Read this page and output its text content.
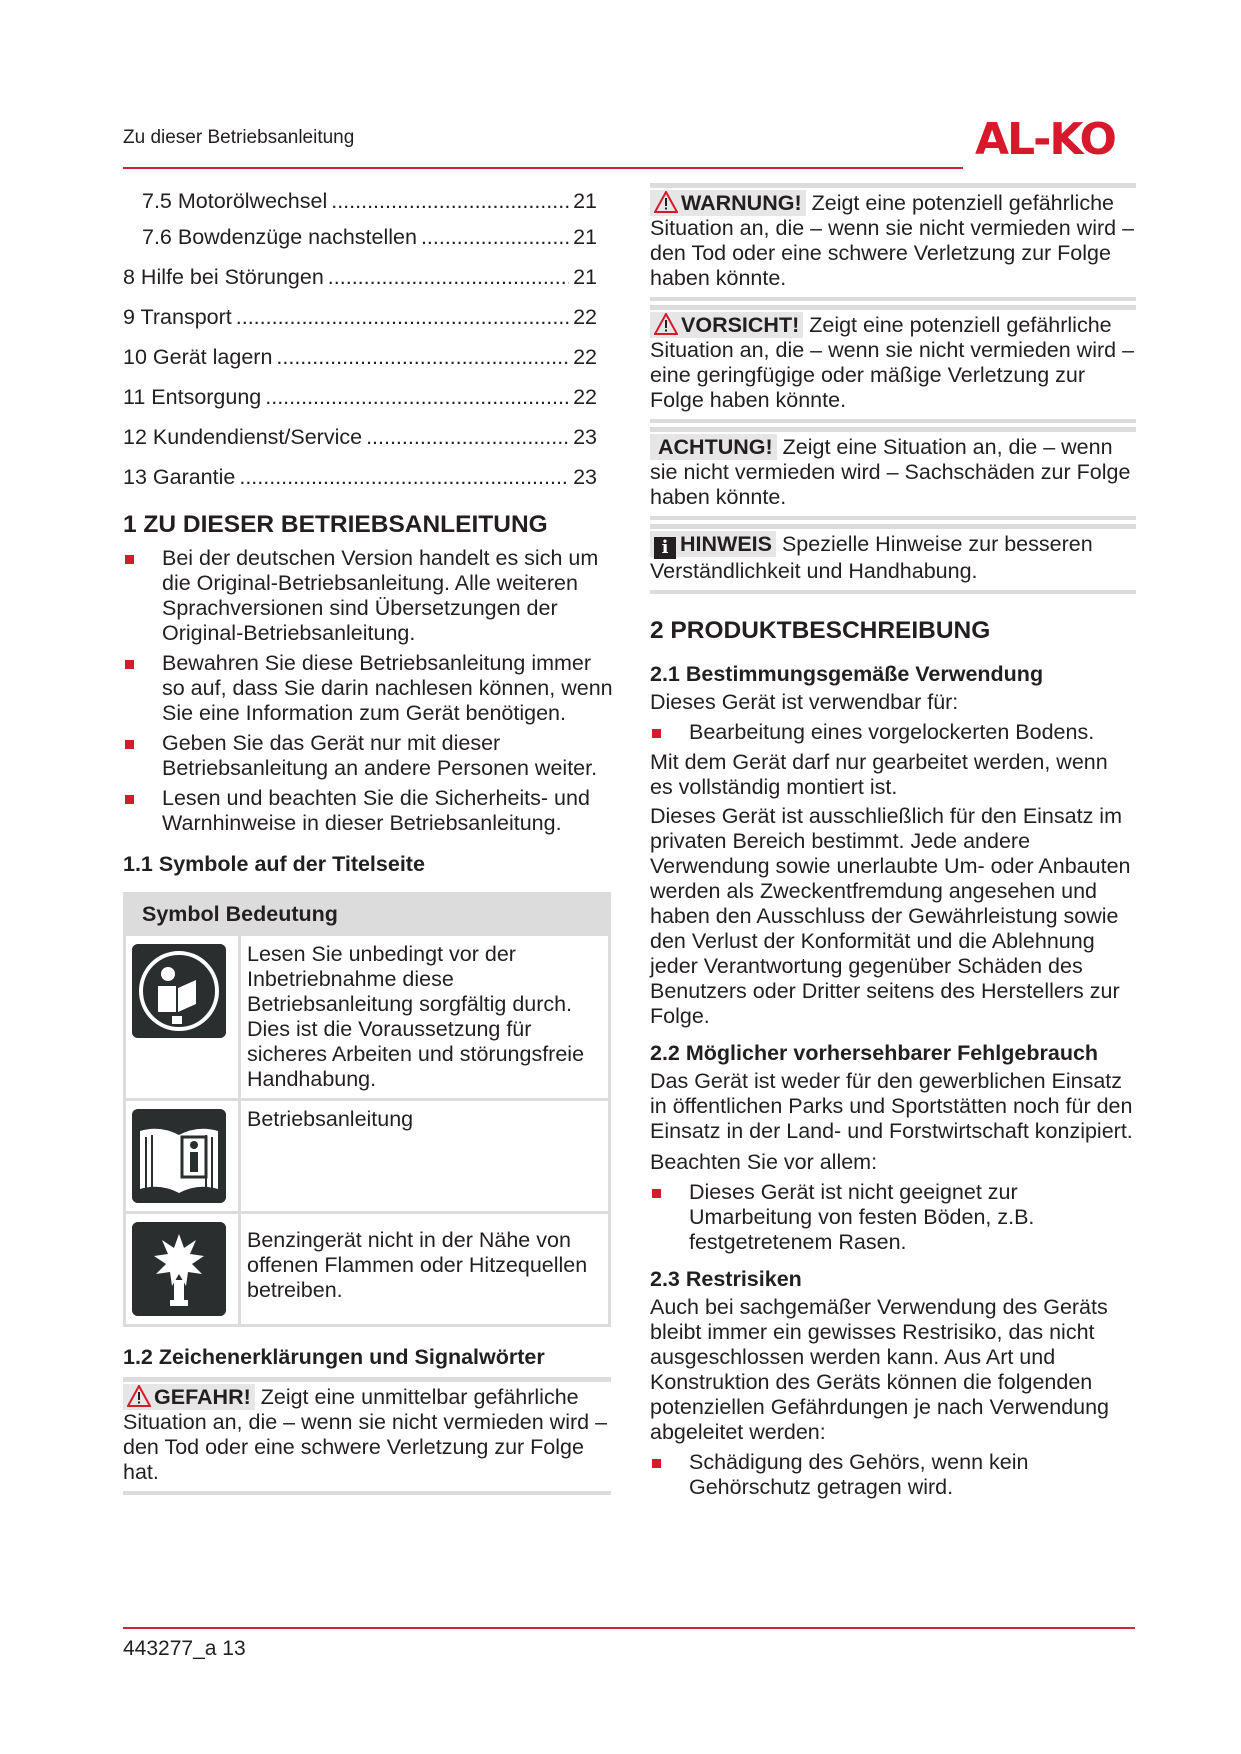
Zu dieser Betriebsanleitung	AL-KO
7.5 Motorölwechsel .....	21
7.6 Bowdenzüge nachstellen .....	21
8 Hilfe bei Störungen .....	21
9 Transport .....	22
10 Gerät lagern .....	22
11 Entsorgung .....	22
12 Kundendienst/Service .....	23
13 Garantie .....	23
1 ZU DIESER BETRIEBSANLEITUNG
Bei der deutschen Version handelt es sich um die Original-Betriebsanleitung. Alle weiteren Sprachversionen sind Übersetzungen der Original-Betriebsanleitung.
Bewahren Sie diese Betriebsanleitung immer so auf, dass Sie darin nachlesen können, wenn Sie eine Information zum Gerät benötigen.
Geben Sie das Gerät nur mit dieser Betriebsanleitung an andere Personen weiter.
Lesen und beachten Sie die Sicherheits- und Warnhinweise in dieser Betriebsanleitung.
1.1 Symbole auf der Titelseite
Symbol Bedeutung	

	Lesen Sie unbedingt vor der Inbetriebnahme diese Betriebsanleitung sorgfältig durch. Dies ist die Voraussetzung für sicheres Arbeiten und störungsfreie Handhabung.

	Betriebsanleitung

	Benzingerät nicht in der Nähe von offenen Flammen oder Hitzequellen betreiben.
1.2 Zeichenerklärungen und Signalwörter
GEFAHR! Zeigt eine unmittelbar gefährliche Situation an, die – wenn sie nicht vermieden wird – den Tod oder eine schwere Verletzung zur Folge hat.
WARNUNG! Zeigt eine potenziell gefährliche Situation an, die – wenn sie nicht vermieden wird – den Tod oder eine schwere Verletzung zur Folge haben könnte.
VORSICHT! Zeigt eine potenziell gefährliche Situation an, die – wenn sie nicht vermieden wird – eine geringfügige oder mäßige Verletzung zur Folge haben könnte.
ACHTUNG! Zeigt eine Situation an, die – wenn sie nicht vermieden wird – Sachschäden zur Folge haben könnte.
i HINWEIS Spezielle Hinweise zur besseren Verständlichkeit und Handhabung.
2 PRODUKTBESCHREIBUNG
2.1 Bestimmungsgemäße Verwendung

Dieses Gerät ist verwendbar für:

Bearbeitung eines vorgelockerten Bodens.

Mit dem Gerät darf nur gearbeitet werden, wenn es vollständig montiert ist.

Dieses Gerät ist ausschließlich für den Einsatz im privaten Bereich bestimmt. Jede andere Verwendung sowie unerlaubte Um- oder Anbauten werden als Zweckentfremdung angesehen und haben den Ausschluss der Gewährleistung sowie den Verlust der Konformität und die Ablehnung jeder Verantwortung gegenüber Schäden des Benutzers oder Dritter seitens des Herstellers zur Folge.

2.2 Möglicher vorhersehbarer Fehlgebrauch

Das Gerät ist weder für den gewerblichen Einsatz in öffentlichen Parks und Sportstätten noch für den Einsatz in der Land- und Forstwirtschaft konzipiert.

Beachten Sie vor allem:

Dieses Gerät ist nicht geeignet zur Umarbeitung von festen Böden, z.B. festgetretenem Rasen.
2.3 Restrisiken

Auch bei sachgemäßer Verwendung des Geräts bleibt immer ein gewisses Restrisiko, das nicht ausgeschlossen werden kann. Aus Art und Konstruktion des Geräts können die folgenden potenziellen Gefährdungen je nach Verwendung abgeleitet werden:

Schädigung des Gehörs, wenn kein Gehörschutz getragen wird.
443277_a 13
